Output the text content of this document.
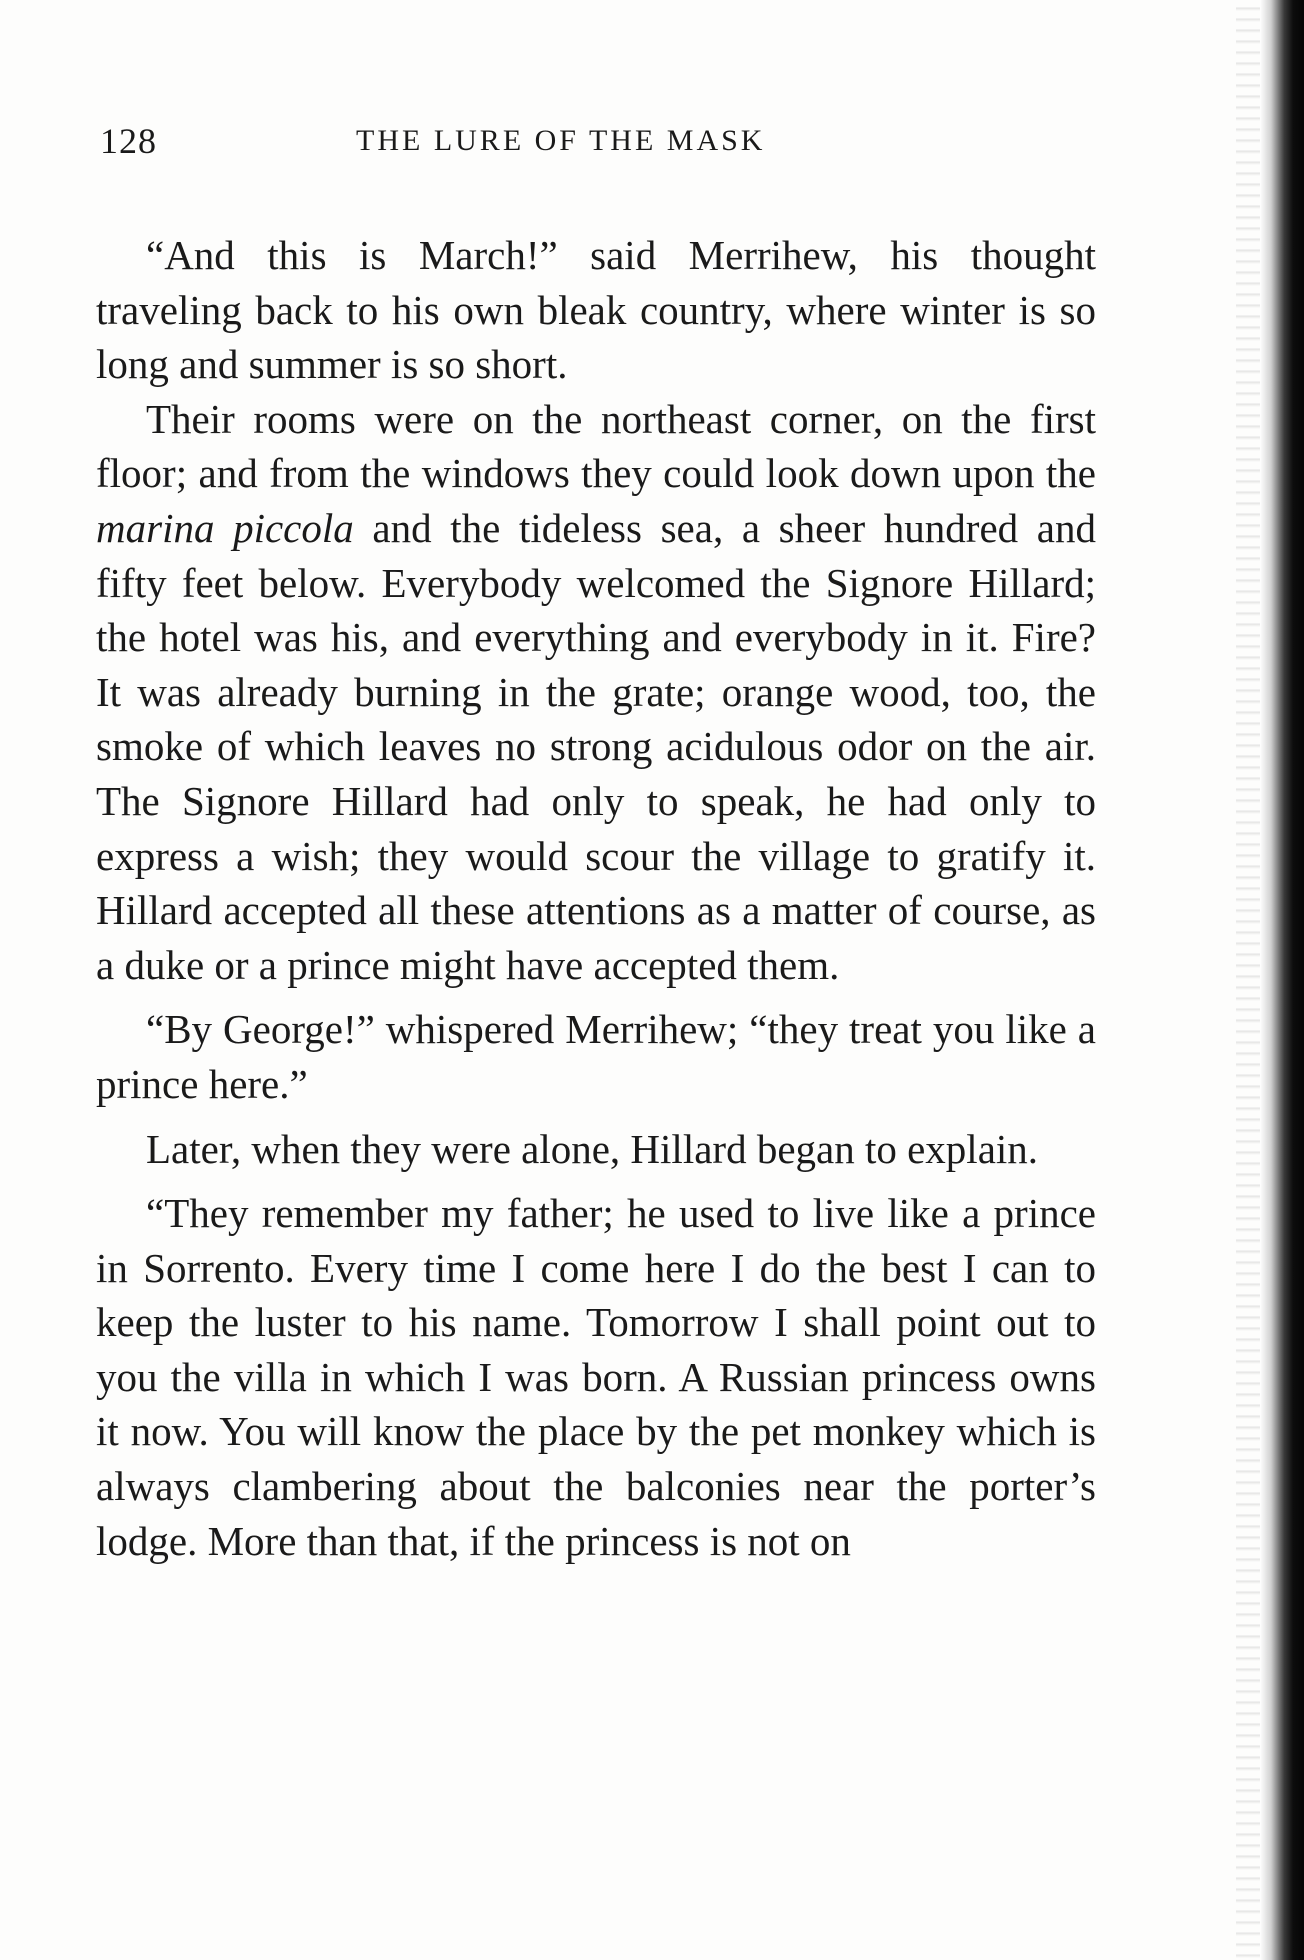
128	THE LURE OF THE MASK

“And this is March!” said Merrihew, his thought traveling back to his own bleak country, where winter is so long and summer is so short.

Their rooms were on the northeast corner, on the first floor; and from the windows they could look down upon the marina piccola and the tideless sea, a sheer hundred and fifty feet below. Everybody welcomed the Signore Hillard; the hotel was his, and everything and everybody in it. Fire? It was already burning in the grate; orange wood, too, the smoke of which leaves no strong acidulous odor on the air. The Signore Hillard had only to speak, he had only to express a wish; they would scour the village to gratify it. Hillard accepted all these attentions as a matter of course, as a duke or a prince might have accepted them.

“By George!” whispered Merrihew; “they treat you like a prince here.”

Later, when they were alone, Hillard began to explain.

“They remember my father; he used to live like a prince in Sorrento. Every time I come here I do the best I can to keep the luster to his name. Tomorrow I shall point out to you the villa in which I was born. A Russian princess owns it now. You will know the place by the pet monkey which is always clambering about the balconies near the porter’s lodge. More than that, if the princess is not on
